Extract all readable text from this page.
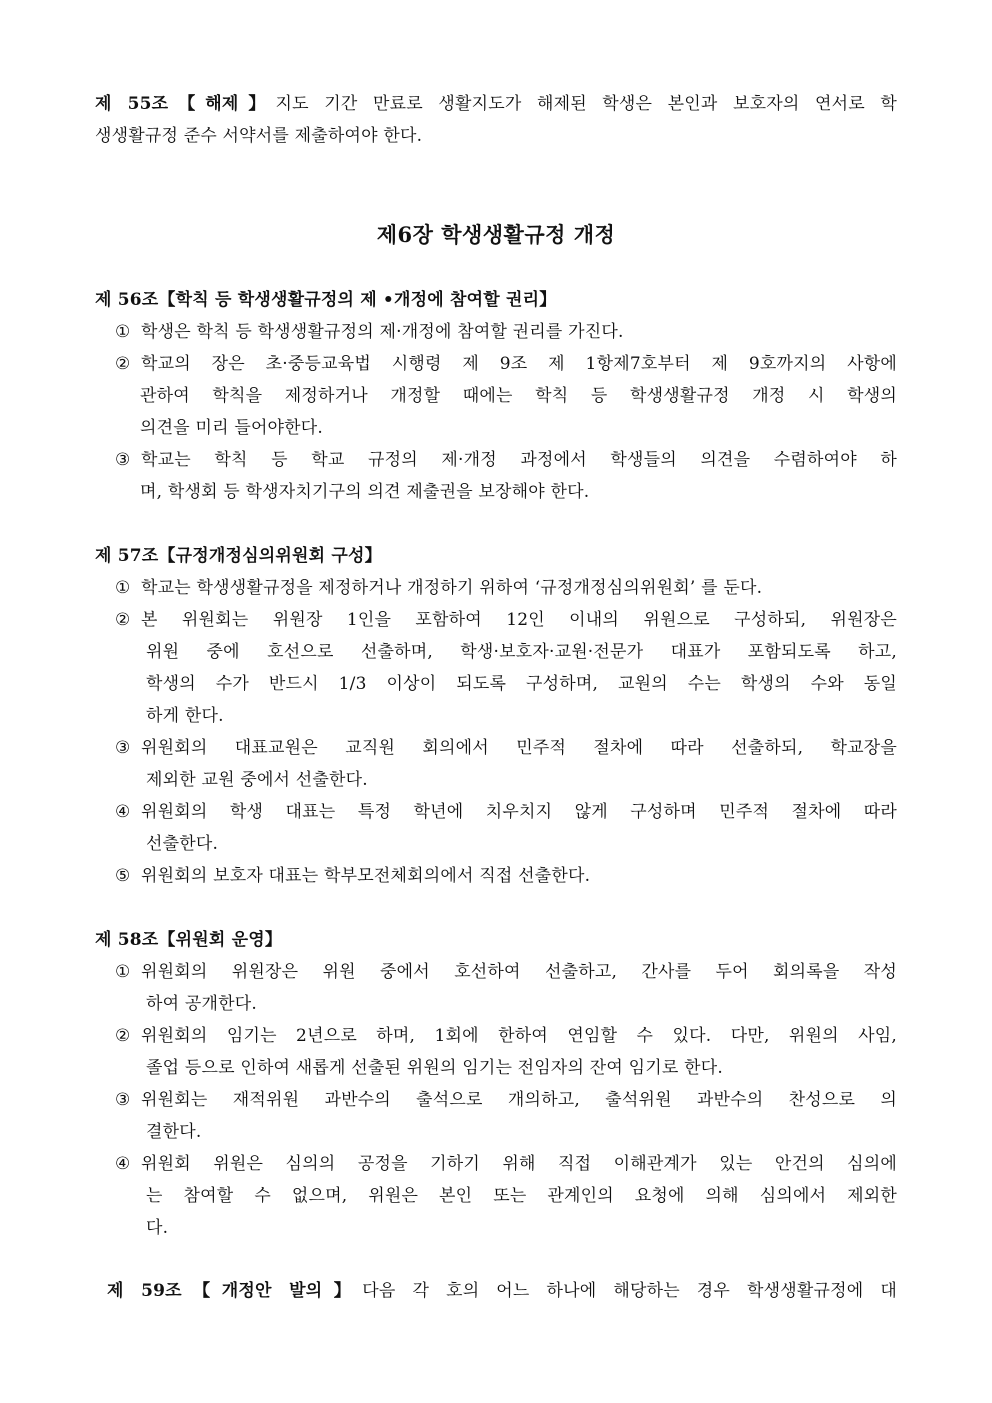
제 55조【해제】지도 기간 만료로 생활지도가 해제된 학생은 본인과 보호자의 연서로 학
생생활규정 준수 서약서를 제출하여야 한다.
제6장 학생생활규정 개정
제 56조【학칙 등 학생생활규정의 제 •개정에 참여할 권리】
① 학생은 학칙 등 학생생활규정의 제·개정에 참여할 권리를 가진다.
② 학교의 장은 초·중등교육법 시행령 제 9조 제 1항제7호부터 제 9호까지의 사항에
관하여 학칙을 제정하거나 개정할 때에는 학칙 등 학생생활규정 개정 시 학생의
의견을 미리 들어야한다.
③ 학교는 학칙 등 학교 규정의 제·개정 과정에서 학생들의 의견을 수렴하여야 하
며, 학생회 등 학생자치기구의 의견 제출권을 보장해야 한다.
제 57조【규정개정심의위원회 구성】
① 학교는 학생생활규정을 제정하거나 개정하기 위하여 ‘규정개정심의위원회’ 를 둔다.
② 본 위원회는 위원장 1인을 포함하여 12인 이내의 위원으로 구성하되, 위원장은
위원 중에 호선으로 선출하며, 학생·보호자·교원·전문가 대표가 포함되도록 하고,
학생의 수가 반드시 1/3 이상이 되도록 구성하며, 교원의 수는 학생의 수와 동일
하게 한다.
③ 위원회의 대표교원은 교직원 회의에서 민주적 절차에 따라 선출하되, 학교장을
제외한 교원 중에서 선출한다.
④ 위원회의 학생 대표는 특정 학년에 치우치지 않게 구성하며 민주적 절차에 따라
선출한다.
⑤ 위원회의 보호자 대표는 학부모전체회의에서 직접 선출한다.
제 58조【위원회 운영】
① 위원회의 위원장은 위원 중에서 호선하여 선출하고, 간사를 두어 회의록을 작성
하여 공개한다.
② 위원회의 임기는 2년으로 하며, 1회에 한하여 연임할 수 있다. 다만, 위원의 사임,
졸업 등으로 인하여 새롭게 선출된 위원의 임기는 전임자의 잔여 임기로 한다.
③ 위원회는 재적위원 과반수의 출석으로 개의하고, 출석위원 과반수의 찬성으로 의
결한다.
④ 위원회 위원은 심의의 공정을 기하기 위해 직접 이해관계가 있는 안건의 심의에
는 참여할 수 없으며, 위원은 본인 또는 관계인의 요청에 의해 심의에서 제외한
다.
제 59조【개정안 발의】다음 각 호의 어느 하나에 해당하는 경우 학생생활규정에 대
